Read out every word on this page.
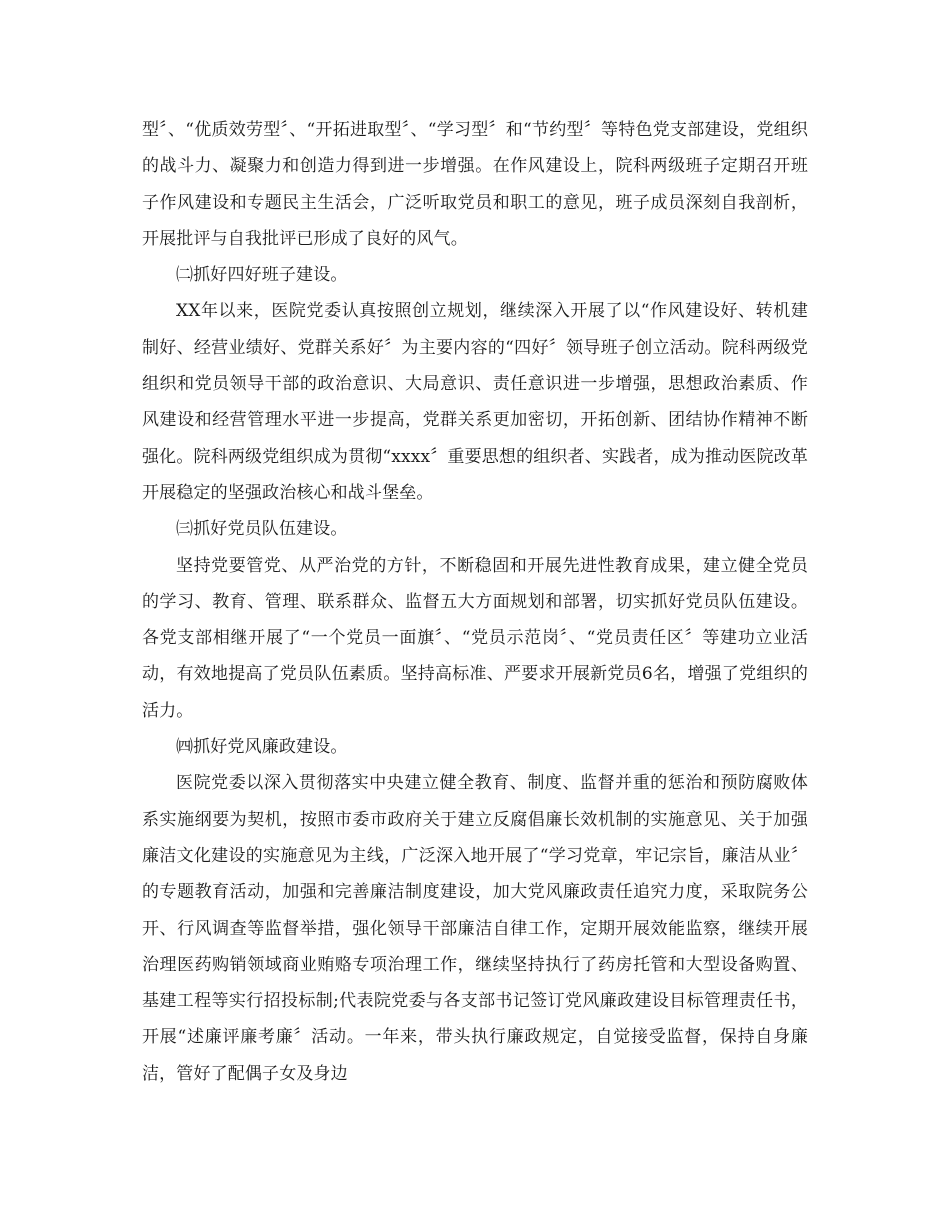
型〞、“优质效劳型〞、“开拓进取型〞、“学习型〞和“节约型〞等特色党支部建设，党组织的战斗力、凝聚力和创造力得到进一步增强。在作风建设上，院科两级班子定期召开班子作风建设和专题民主生活会，广泛听取党员和职工的意见，班子成员深刻自我剖析，开展批评与自我批评已形成了良好的风气。

㈡抓好四好班子建设。

XX年以来，医院党委认真按照创立规划，继续深入开展了以“作风建设好、转机建制好、经营业绩好、党群关系好〞为主要内容的“四好〞领导班子创立活动。院科两级党组织和党员领导干部的政治意识、大局意识、责任意识进一步增强，思想政治素质、作风建设和经营管理水平进一步提高，党群关系更加密切，开拓创新、团结协作精神不断强化。院科两级党组织成为贯彻“xxxx〞重要思想的组织者、实践者，成为推动医院改革开展稳定的坚强政治核心和战斗堡垒。

㈢抓好党员队伍建设。

坚持党要管党、从严治党的方针，不断稳固和开展先进性教育成果，建立健全党员的学习、教育、管理、联系群众、监督五大方面规划和部署，切实抓好党员队伍建设。各党支部相继开展了“一个党员一面旗〞、“党员示范岗〞、“党员责任区〞等建功立业活动，有效地提高了党员队伍素质。坚持高标准、严要求开展新党员6名，增强了党组织的活力。

㈣抓好党风廉政建设。

医院党委以深入贯彻落实中央建立健全教育、制度、监督并重的惩治和预防腐败体系实施纲要为契机，按照市委市政府关于建立反腐倡廉长效机制的实施意见、关于加强廉洁文化建设的实施意见为主线，广泛深入地开展了“学习党章，牢记宗旨，廉洁从业〞的专题教育活动，加强和完善廉洁制度建设，加大党风廉政责任追究力度，采取院务公开、行风调查等监督举措，强化领导干部廉洁自律工作，定期开展效能监察，继续开展治理医药购销领域商业贿赂专项治理工作，继续坚持执行了药房托管和大型设备购置、基建工程等实行招投标制;代表院党委与各支部书记签订党风廉政建设目标管理责任书，开展“述廉评廉考廉〞活动。一年来，带头执行廉政规定，自觉接受监督，保持自身廉洁，管好了配偶子女及身边
